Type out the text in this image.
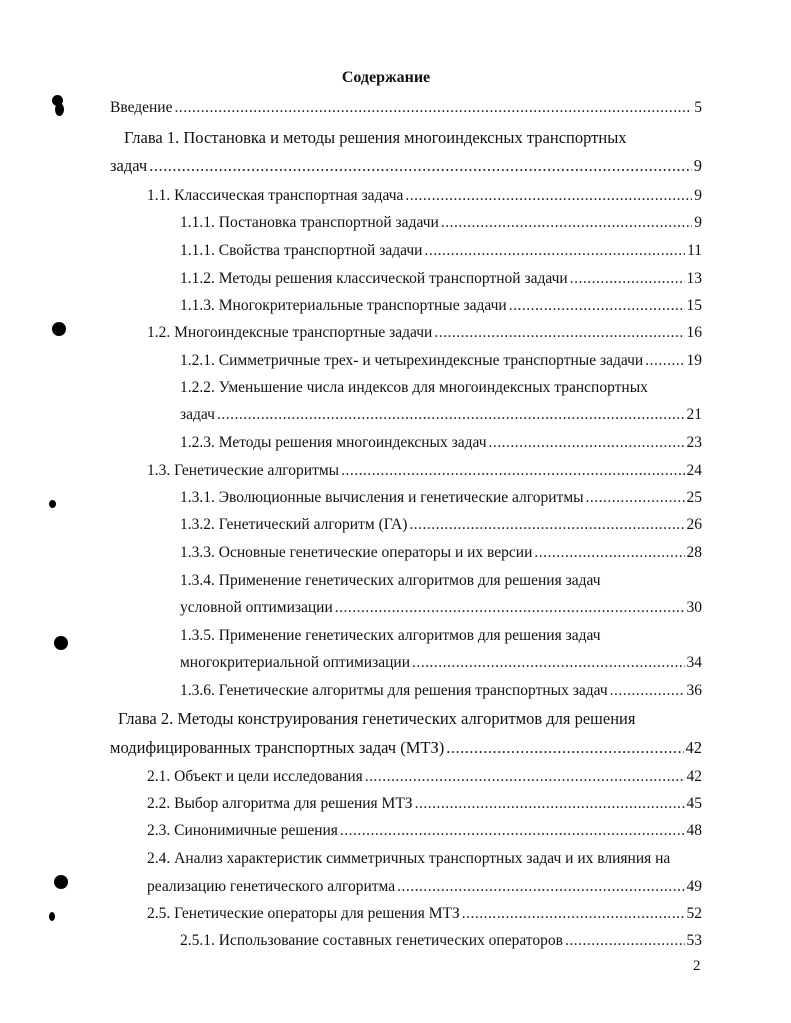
Содержание
Введение .....	5
Глава 1. Постановка и методы решения многоиндексных транспортных
задач .....	9
1.1. Классическая транспортная задача .....	9
1.1.1. Постановка транспортной задачи .....	9
1.1.1. Свойства транспортной задачи .....	11
1.1.2. Методы решения классической транспортной задачи .....	13
1.1.3. Многокритериальные транспортные задачи .....	15
1.2. Многоиндексные транспортные задачи .....	16
1.2.1. Симметричные трех- и четырехиндексные транспортные задачи .....	19
1.2.2. Уменьшение числа индексов для многоиндексных транспортных
задач .....	21
1.2.3. Методы решения многоиндексных задач .....	23
1.3. Генетические алгоритмы .....	24
1.3.1. Эволюционные вычисления и генетические алгоритмы .....	25
1.3.2. Генетический алгоритм (ГА) .....	26
1.3.3. Основные генетические операторы и их версии .....	28
1.3.4. Применение генетических алгоритмов для решения задач
условной оптимизации .....	30
1.3.5. Применение генетических алгоритмов для решения задач
многокритериальной оптимизации .....	34
1.3.6. Генетические алгоритмы для решения транспортных задач .....	36
Глава 2. Методы конструирования генетических алгоритмов для решения
модифицированных транспортных задач (МТЗ) .....	42
2.1. Объект и цели исследования .....	42
2.2. Выбор алгоритма для решения МТЗ .....	45
2.3. Синонимичные решения .....	48
2.4. Анализ характеристик симметричных транспортных задач и их влияния на
реализацию генетического алгоритма .....	49
2.5. Генетические операторы для решения МТЗ .....	52
2.5.1. Использование составных генетических операторов .....	53
2
